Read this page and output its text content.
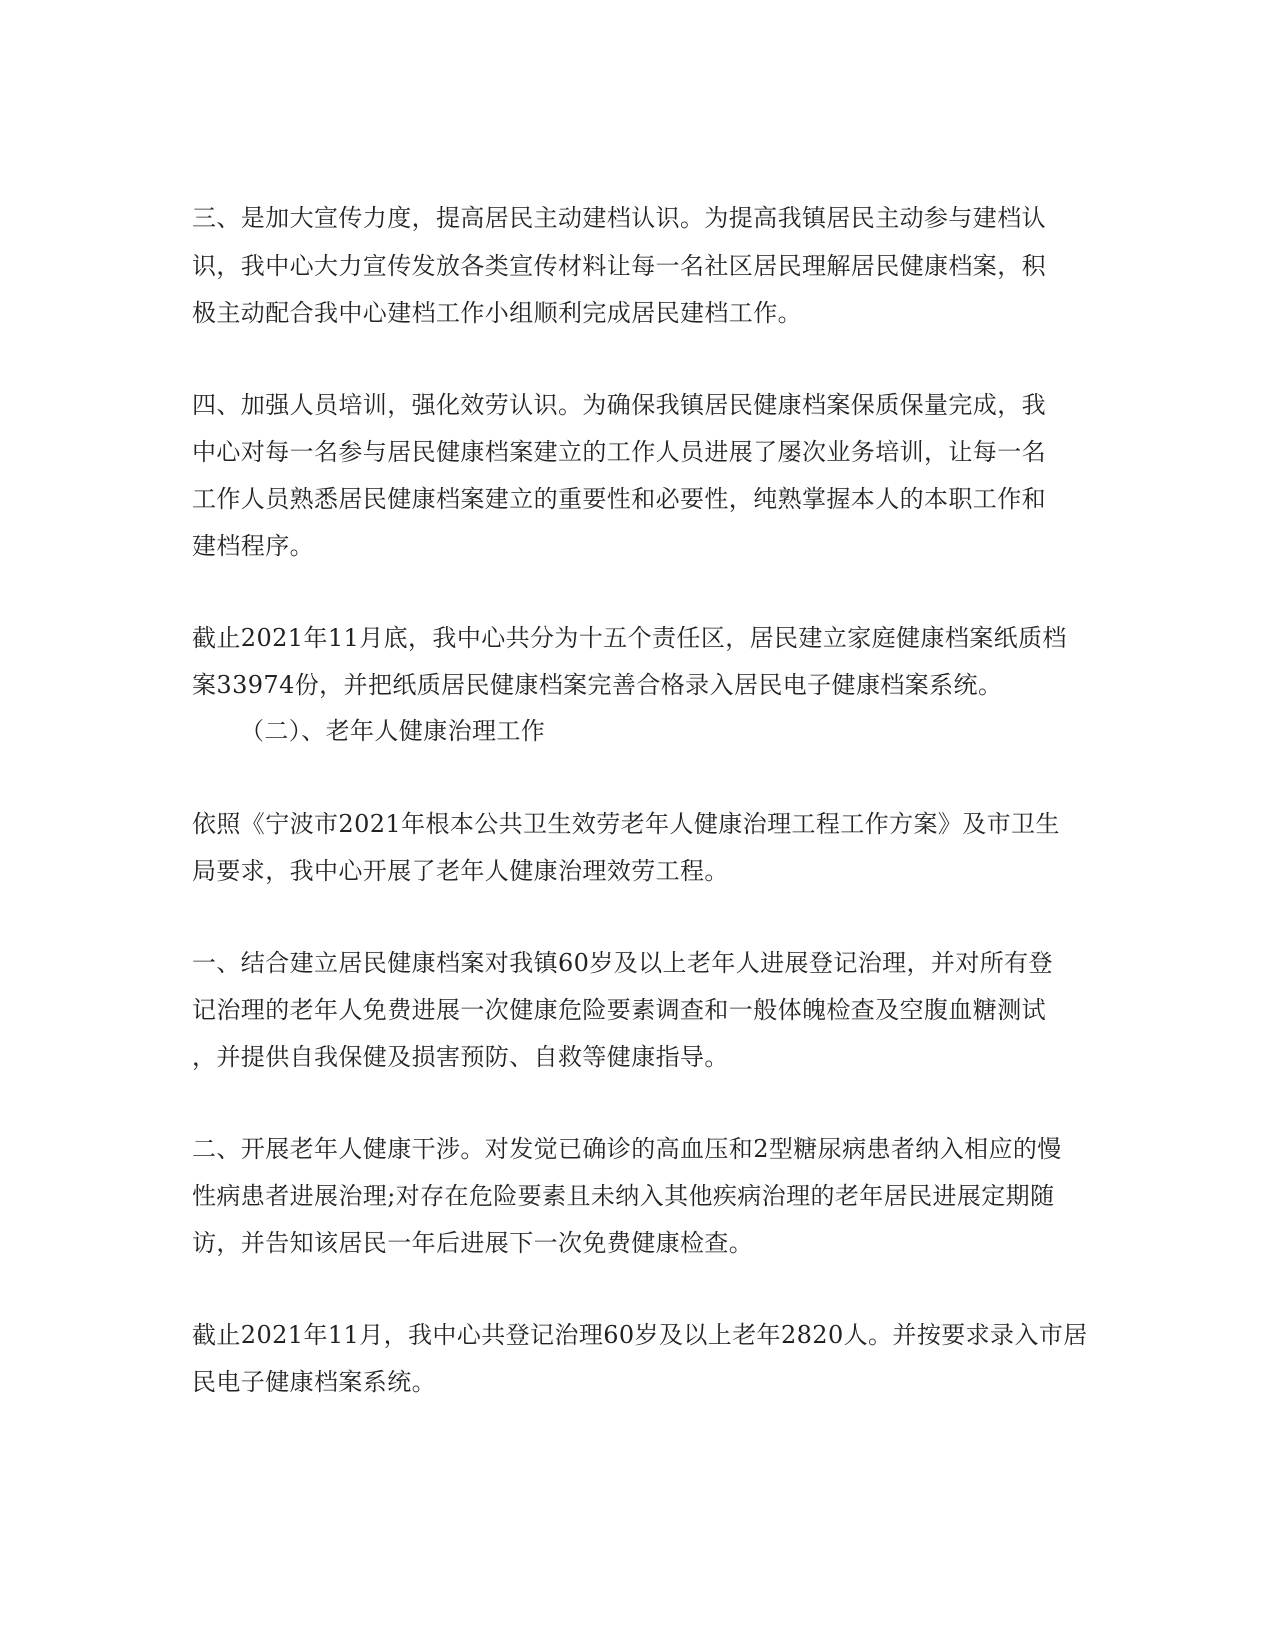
三、是加大宣传力度，提高居民主动建档认识。为提高我镇居民主动参与建档认
识，我中心大力宣传发放各类宣传材料让每一名社区居民理解居民健康档案，积
极主动配合我中心建档工作小组顺利完成居民建档工作。
四、加强人员培训，强化效劳认识。为确保我镇居民健康档案保质保量完成，我
中心对每一名参与居民健康档案建立的工作人员进展了屡次业务培训，让每一名
工作人员熟悉居民健康档案建立的重要性和必要性，纯熟掌握本人的本职工作和
建档程序。
截止2021年11月底，我中心共分为十五个责任区，居民建立家庭健康档案纸质档
案33974份，并把纸质居民健康档案完善合格录入居民电子健康档案系统。
（二）、老年人健康治理工作
依照《宁波市2021年根本公共卫生效劳老年人健康治理工程工作方案》及市卫生
局要求，我中心开展了老年人健康治理效劳工程。
一、结合建立居民健康档案对我镇60岁及以上老年人进展登记治理，并对所有登
记治理的老年人免费进展一次健康危险要素调查和一般体魄检查及空腹血糖测试
，并提供自我保健及损害预防、自救等健康指导。
二、开展老年人健康干涉。对发觉已确诊的高血压和2型糖尿病患者纳入相应的慢
性病患者进展治理;对存在危险要素且未纳入其他疾病治理的老年居民进展定期随
访，并告知该居民一年后进展下一次免费健康检查。
截止2021年11月，我中心共登记治理60岁及以上老年2820人。并按要求录入市居
民电子健康档案系统。
